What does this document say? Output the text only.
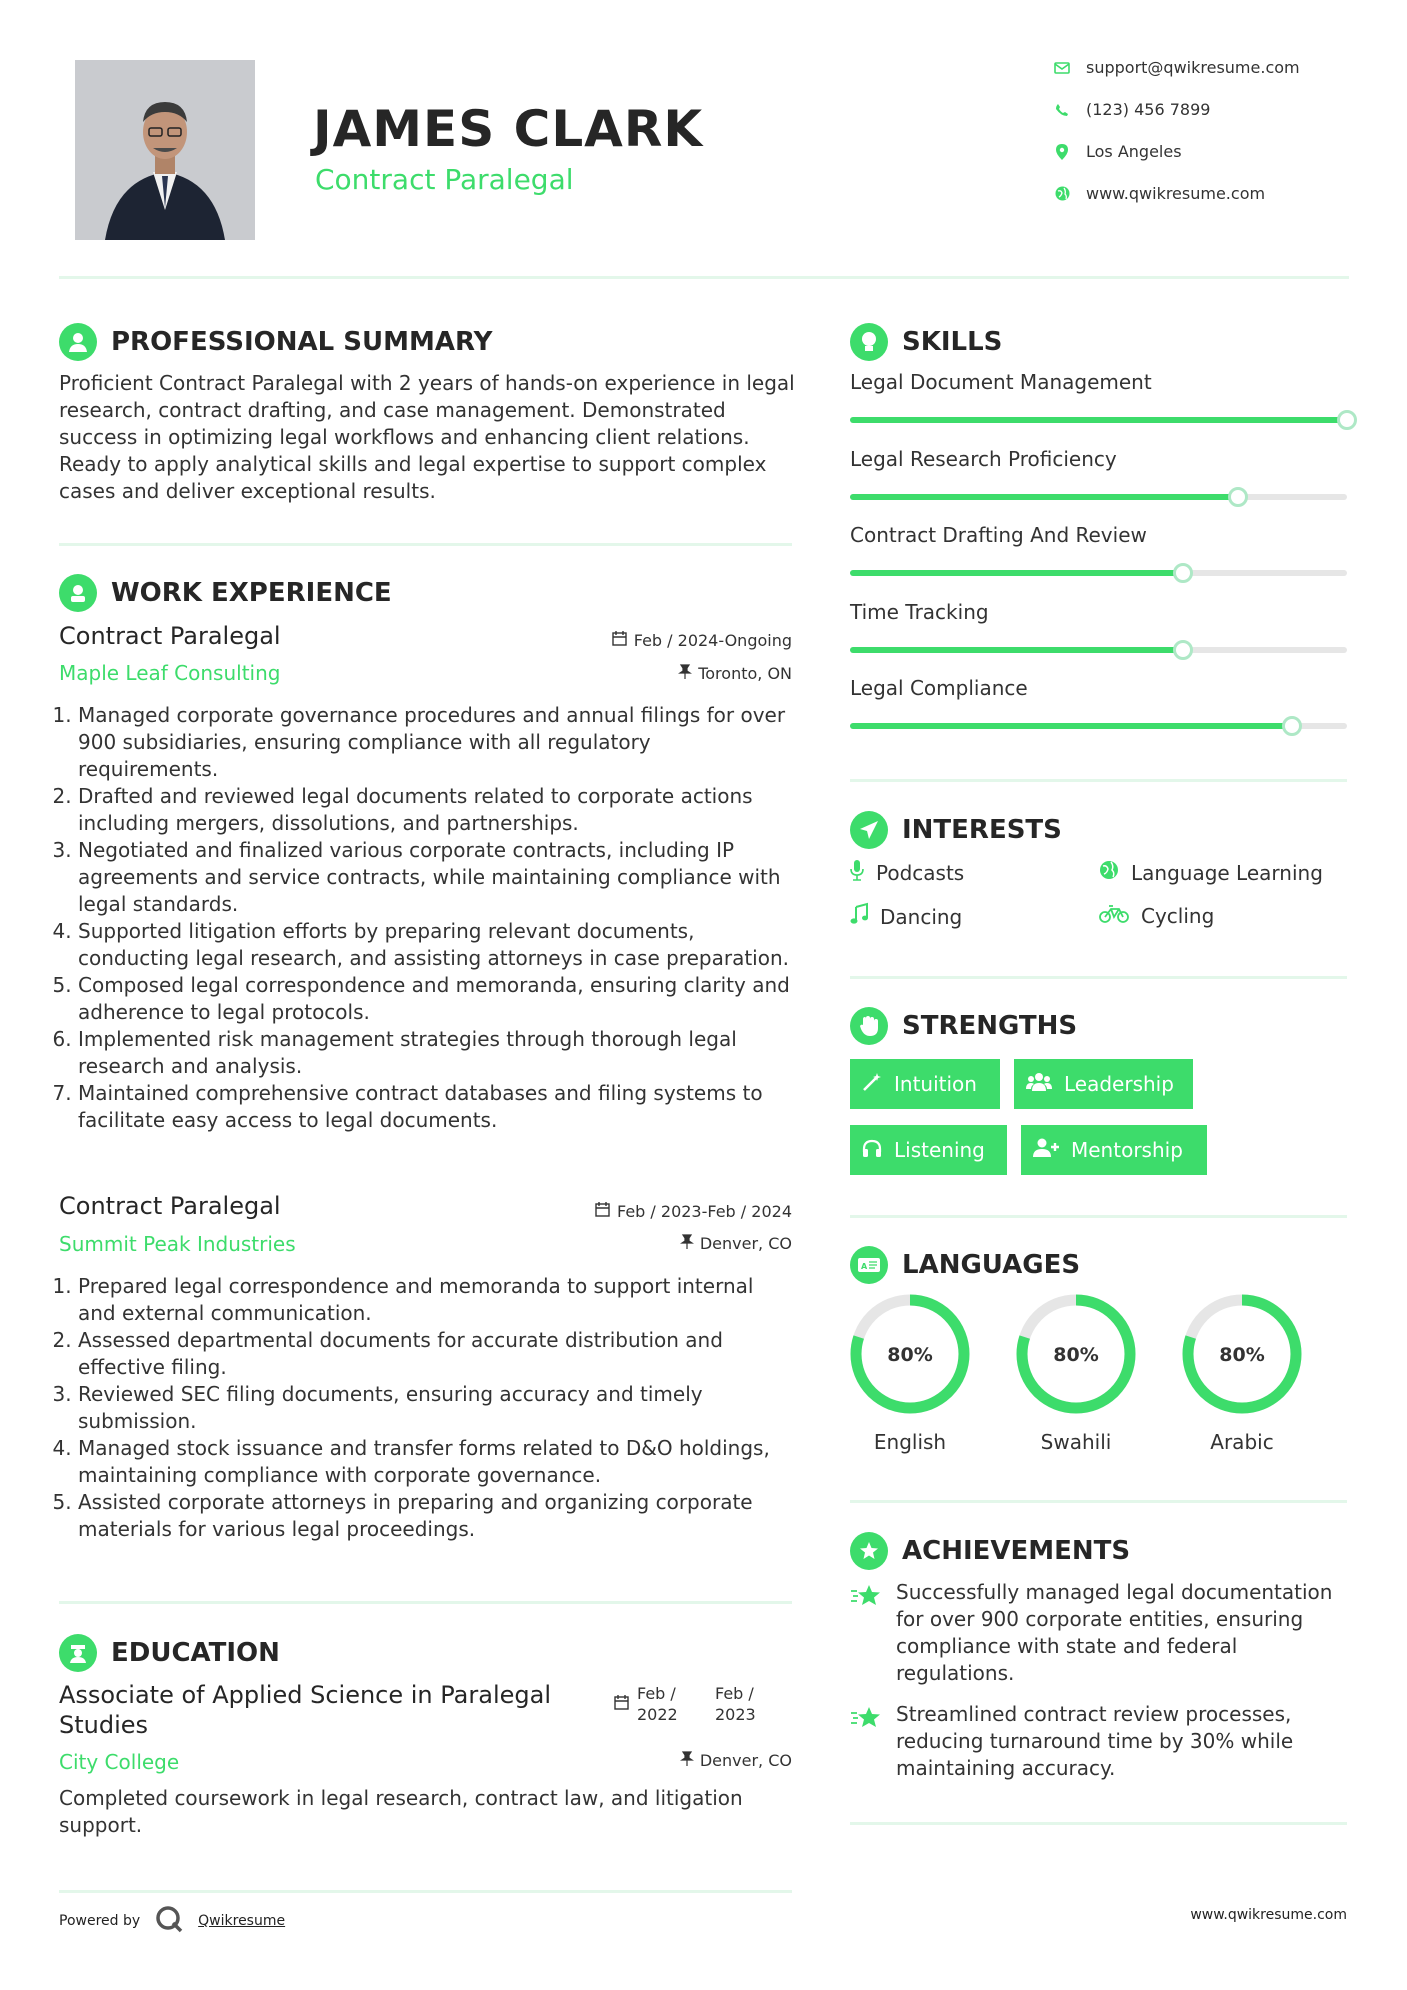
JAMES CLARK
Contract Paralegal
support@qwikresume.com
(123) 456 7899
Los Angeles
www.qwikresume.com
PROFESSIONAL SUMMARY
Proficient Contract Paralegal with 2 years of hands-on experience in legal research, contract drafting, and case management. Demonstrated success in optimizing legal workflows and enhancing client relations. Ready to apply analytical skills and legal expertise to support complex cases and deliver exceptional results.
WORK EXPERIENCE
Contract Paralegal	Feb / 2024-Ongoing
Maple Leaf Consulting	Toronto, ON
1. Managed corporate governance procedures and annual filings for over 900 subsidiaries, ensuring compliance with all regulatory requirements.
2. Drafted and reviewed legal documents related to corporate actions including mergers, dissolutions, and partnerships.
3. Negotiated and finalized various corporate contracts, including IP agreements and service contracts, while maintaining compliance with legal standards.
4. Supported litigation efforts by preparing relevant documents, conducting legal research, and assisting attorneys in case preparation.
5. Composed legal correspondence and memoranda, ensuring clarity and adherence to legal protocols.
6. Implemented risk management strategies through thorough legal research and analysis.
7. Maintained comprehensive contract databases and filing systems to facilitate easy access to legal documents.
Contract Paralegal	Feb / 2023-Feb / 2024
Summit Peak Industries	Denver, CO
1. Prepared legal correspondence and memoranda to support internal and external communication.
2. Assessed departmental documents for accurate distribution and effective filing.
3. Reviewed SEC filing documents, ensuring accuracy and timely submission.
4. Managed stock issuance and transfer forms related to D&O holdings, maintaining compliance with corporate governance.
5. Assisted corporate attorneys in preparing and organizing corporate materials for various legal proceedings.
EDUCATION
Associate of Applied Science in Paralegal Studies
Feb /
2022
Feb /
2023
City College	Denver, CO
Completed coursework in legal research, contract law, and litigation support.
SKILLS
Legal Document Management
Legal Research Proficiency
Contract Drafting And Review
Time Tracking
Legal Compliance
INTERESTS
Podcasts	Language Learning
Dancing	Cycling
STRENGTHS
Intuition	Leadership
Listening	Mentorship
A LANGUAGES
80%	80%	80%
English	Swahili	Arabic
ACHIEVEMENTS
Successfully managed legal documentation for over 900 corporate entities, ensuring compliance with state and federal regulations.
Streamlined contract review processes, reducing turnaround time by 30% while maintaining accuracy.
Powered by	Qwikresume	www.qwikresume.com
